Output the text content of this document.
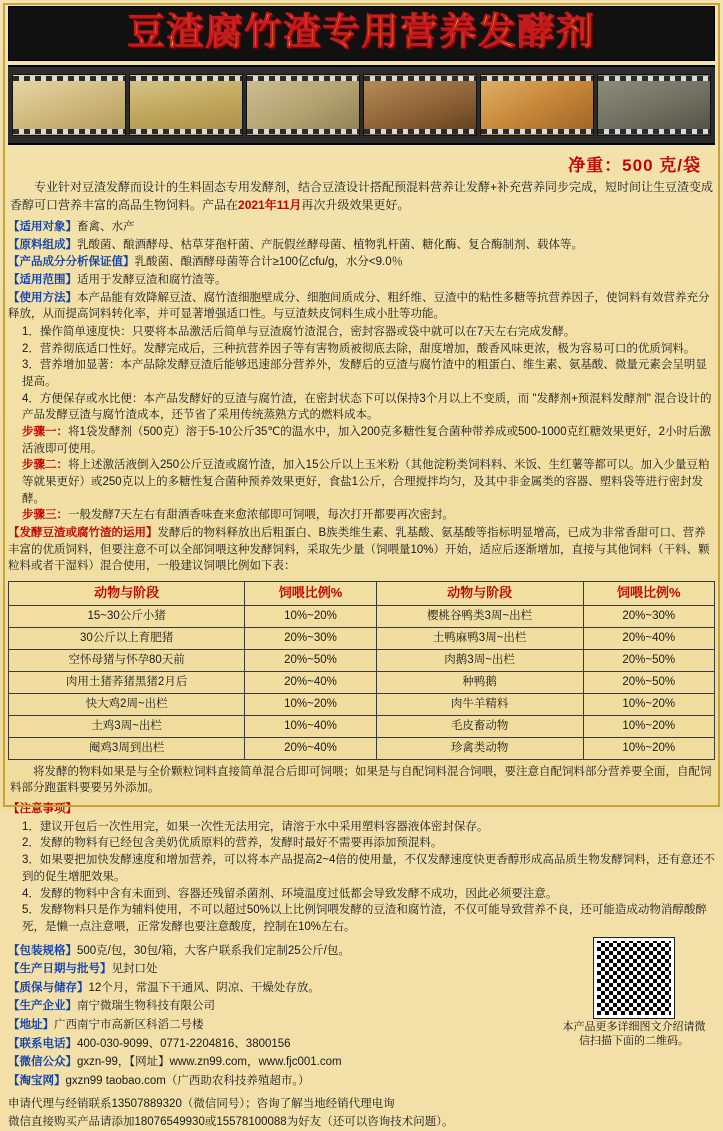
豆渣腐竹渣专用营养发酵剂
净重：500 克/袋

专业针对豆渣发酵而设计的生料固态专用发酵剂，结合豆渣设计搭配预混料营养让发酵+补充营养同步完成，短时间让生豆渣变成香醇可口营养丰富的高品生物饲料。产品在2021年11月再次升级效果更好。

【适用对象】畜禽、水产
【原料组成】乳酸菌、酿酒酵母、枯草芽孢杆菌、产朊假丝酵母菌、植物乳杆菌、糖化酶、复合酶制剂、载体等。
【产品成分分析保证值】乳酸菌、酿酒酵母菌等合计≥100亿cfu/g，水分<9.0％
【适用范围】适用于发酵豆渣和腐竹渣等。
【使用方法】本产品能有效降解豆渣、腐竹渣细胞壁成分、细胞间质成分、粗纤维、豆渣中的粘性多糖等抗营养因子，使饲料有效营养充分释放，从而提高饲料转化率，并可显著增强适口性。与豆渣麸皮饲料生成小肚等功能。
1．操作简单速度快：只要将本品激活后简单与豆渣腐竹渣混合，密封容器或袋中就可以在7天左右完成发酵。
2．营养彻底适口性好。发酵完成后，三种抗营养因子等有害物质被彻底去除，甜度增加，酸香风味更浓，极为容易可口的优质饲料。
3．营养增加显著：本产品除发酵豆渣后能够迅速部分营养外，发酵后的豆渣与腐竹渣中的粗蛋白、维生素、氨基酸、微量元素会呈明显提高。
4．方便保存或水比便：本产品发酵好的豆渣与腐竹渣，在密封状态下可以保持3个月以上不变质，而 "发酵剂+预混料发酵剂" 混合设计的产品发酵豆渣与腐竹渣成本，还节省了采用传统蒸熟方式的燃料成本。
步骤一：将1袋发酵剂（500克）溶于5-10公斤35℃的温水中，加入200克多糖性复合菌种带养成或500-1000克红糖效果更好，2小时后激活液即可使用。
步骤二：将上述激活液倒入250公斤豆渣或腐竹渣，加入15公斤以上玉米粉（其他淀粉类饲料料、米饭、生红薯等都可以。加入少量豆粕等就果更好）或250克以上的多糖性复合菌种预养效果更好，食盐1公斤，合理搅拌均匀，及其中非金属类的容器、塑料袋等进行密封发酵。
步骤三：一般发酵7天左右有甜酒香味查来愈浓郁即可饲喂，每次打开都要再次密封。
【发酵豆渣或腐竹渣的运用】发酵后的物料释放出后粗蛋白、B族类维生素、乳基酸、氨基酸等指标明显增高，已成为非常香甜可口、营养丰富的优质饲料，但要注意不可以全部饲喂这种发酵饲料，采取先少量（饲喂量10%）开始，适应后逐渐增加，直接与其他饲料（干料、颗粒料或者干湿料）混合使用，一般建议饲喂比例如下表：
动物与阶段	饲喂比例%	动物与阶段	饲喂比例%
15~30公斤小猪	10%~20%	樱桃谷鸭类3周~出栏	20%~30%
30公斤以上育肥猪	20%~30%	土鸭麻鸭3周~出栏	20%~40%
空怀母猪与怀孕80天前	20%~50%	肉鹅3周~出栏	20%~50%
肉用土猪荞猪黑猪2月后	20%~40%	种鸭鹅	20%~50%
快大鸡2周~出栏	10%~20%	肉牛羊精料	10%~20%
土鸡3周~出栏	10%~40%	毛皮畜动物	10%~20%
阉鸡3周到出栏	20%~40%	珍禽类动物	10%~20%

将发酵的物料如果是与全价颗粒饲料直接简单混合后即可饲喂；如果是与自配饲料混合饲喂，要注意自配饲料部分营养要全面，自配饲料部分跑蛋料要要另外添加。

【注意事项】
1．建议开包后一次性用完，如果一次性无法用完，请溶于水中采用塑料容器液体密封保存。
2．发酵的物料有已经包含美奶优质原料的营养，发酵时最好不需要再添加预混料。
3．如果要把加快发酵速度和增加营养，可以将本产品提高2~4倍的使用量，不仅发酵速度快更香醇形成高品质生物发酵饲料，还有意还不到的促生增肥效果。
4．发酵的物料中含有未面到、容器还残留杀菌剂、环境温度过低都会导致发酵不成功，因此必须要注意。
5．发酵物料只是作为辅料使用，不可以超过50%以上比例饲喂发酵的豆渣和腐竹渣，不仅可能导致营养不良，还可能造成动物消醇酸醉死，是懒一点注意喂，正常发酵也要注意酸度，控制在10%左右。
本产品更多详细图文介绍请微信扫描下面的二维码。
【包装规格】500克/包，30包/箱，大客户联系我们定制25公斤/包。
【生产日期与批号】见封口处
【质保与储存】12个月，常温下干通风、阴凉、干燥处存放。
【生产企业】南宁微瑞生物科技有限公司
【地址】广西南宁市高新区科滔二号楼
【联系电话】400-030-9099、0771-2204816、3800156
【微信公众】gxzn-99，【网址】www.zn99.com，www.fjc001.com
【淘宝网】gxzn99 taobao.com（广西助农科技养殖超市。）
申请代理与经销联系13507889320（微信同号）；咨询了解当地经销代理电询
微信直接购买产品请添加18076549930或15578100088为好友（还可以咨询技术问题）。
